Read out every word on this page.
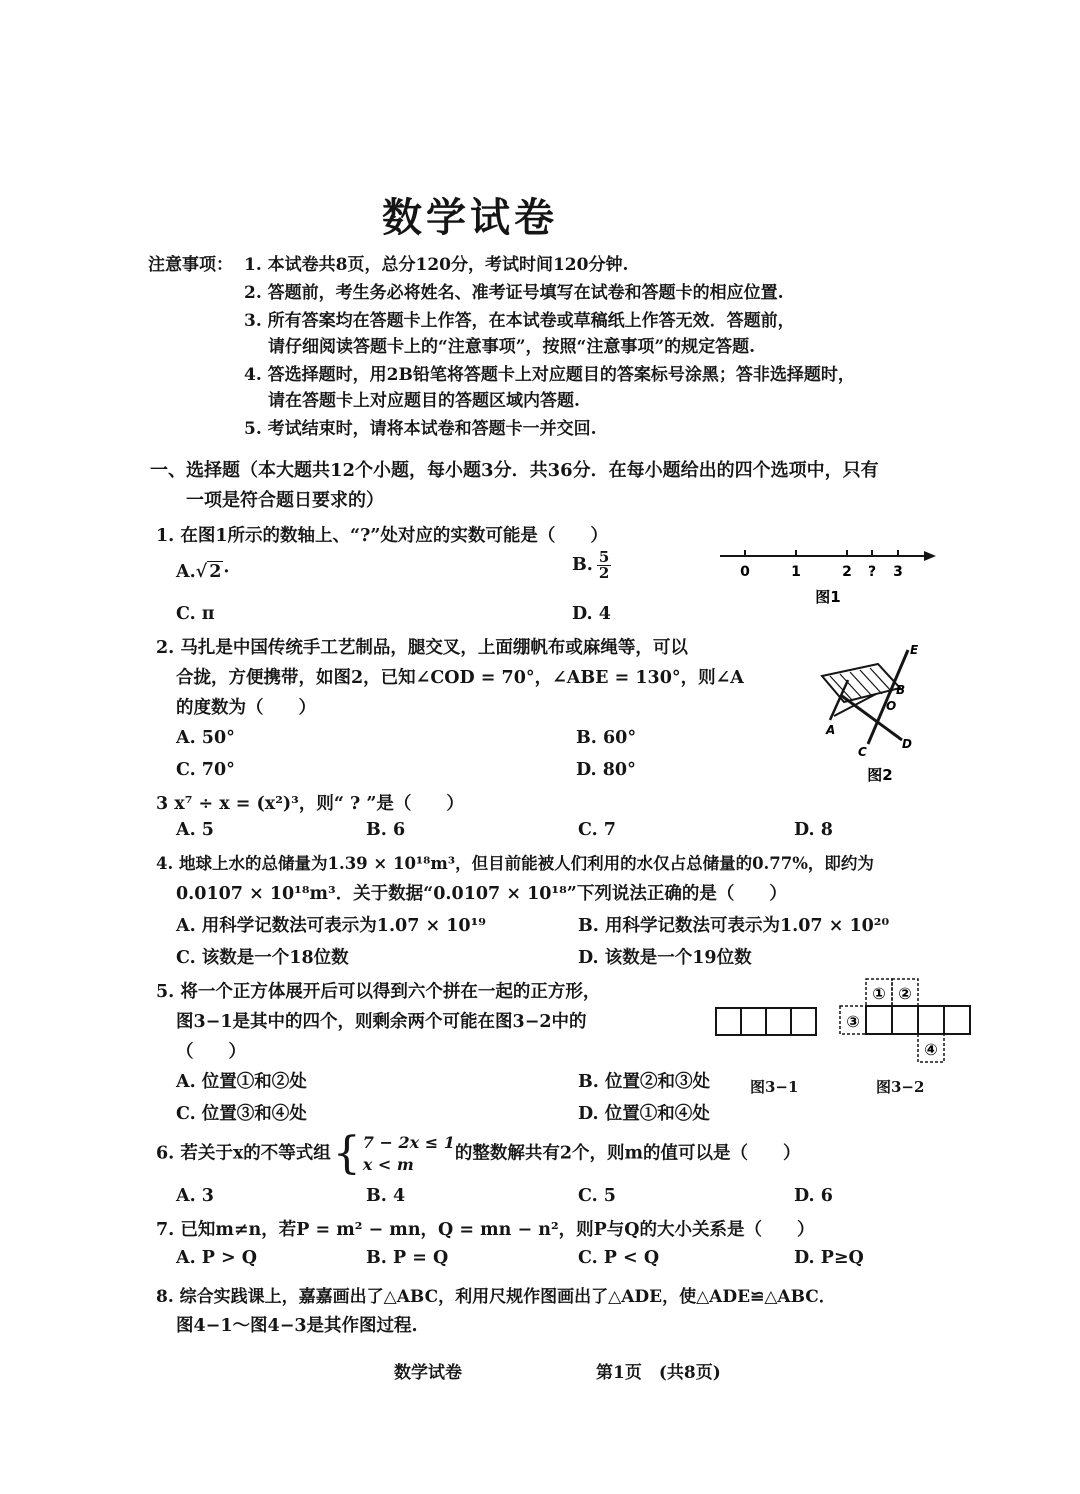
数学试卷
注意事项： 1. 本试卷共8页，总分120分，考试时间120分钟.
2. 答题前，考生务必将姓名、准考证号填写在试卷和答题卡的相应位置.
3. 所有答案均在答题卡上作答，在本试卷或草稿纸上作答无效．答题前，
请仔细阅读答题卡上的“注意事项”，按照“注意事项”的规定答题.
4. 答选择题时，用2B铅笔将答题卡上对应题目的答案标号涂黑；答非选择题时，
请在答题卡上对应题目的答题区域内答题.
5. 考试结束时，请将本试卷和答题卡一并交回.
一、选择题（本大题共12个小题，每小题3分．共36分．在每小题给出的四个选项中，只有
一项是符合题日要求的）
1. 在图1所示的数轴上、“?”处对应的实数可能是（　　）
A.√ 2 ·	B. $\frac{5}{2}$
C. π	D. 4
0	1	2 ? 3
图1
2. 马扎是中国传统手工艺制品，腿交叉，上面绷帆布或麻绳等，可以
合拢，方便携带，如图2，已知∠COD = 70°，∠ABE = 130°，则∠A
的度数为（　　）
A. 50°	B. 60°
C. 70°	D. 80°
E
B
O
A
C
D
图2
3 x⁷ ÷ x = (x²)³，则“ ? ”是（　　）
A. 5	B. 6	C. 7	D. 8
4. 地球上水的总储量为1.39 × 10¹⁸m³，但目前能被人们利用的水仅占总储量的0.77%，即约为
0.0107 × 10¹⁸m³．关于数据“0.0107 × 10¹⁸”下列说法正确的是（　　）
A. 用科学记数法可表示为1.07 × 10¹⁹	B. 用科学记数法可表示为1.07 × 10²⁰
C. 该数是一个18位数	D. 该数是一个19位数
5. 将一个正方体展开后可以得到六个拼在一起的正方形，
图3−1是其中的四个，则剩余两个可能在图3−2中的
（　　）
A. 位置①和②处	B. 位置②和③处
C. 位置③和④处	D. 位置①和④处
图3−1
① ②
③
④
图3−2
6. 若关于x的不等式组{ 7 − 2x ≤ 1
x < m
的整数解共有2个，则m的值可以是（　　）
A. 3	B. 4	C. 5	D. 6
7. 已知m≠n，若P = m² − mn，Q = mn − n²，则P与Q的大小关系是（　　）
A. P > Q	B. P = Q	C. P < Q	D. P≥Q
8. 综合实践课上，嘉嘉画出了△ABC，利用尺规作图画出了△ADE，使△ADE≌△ABC．
图4−1～图4−3是其作图过程.
数学试卷	第1页　(共8页)
